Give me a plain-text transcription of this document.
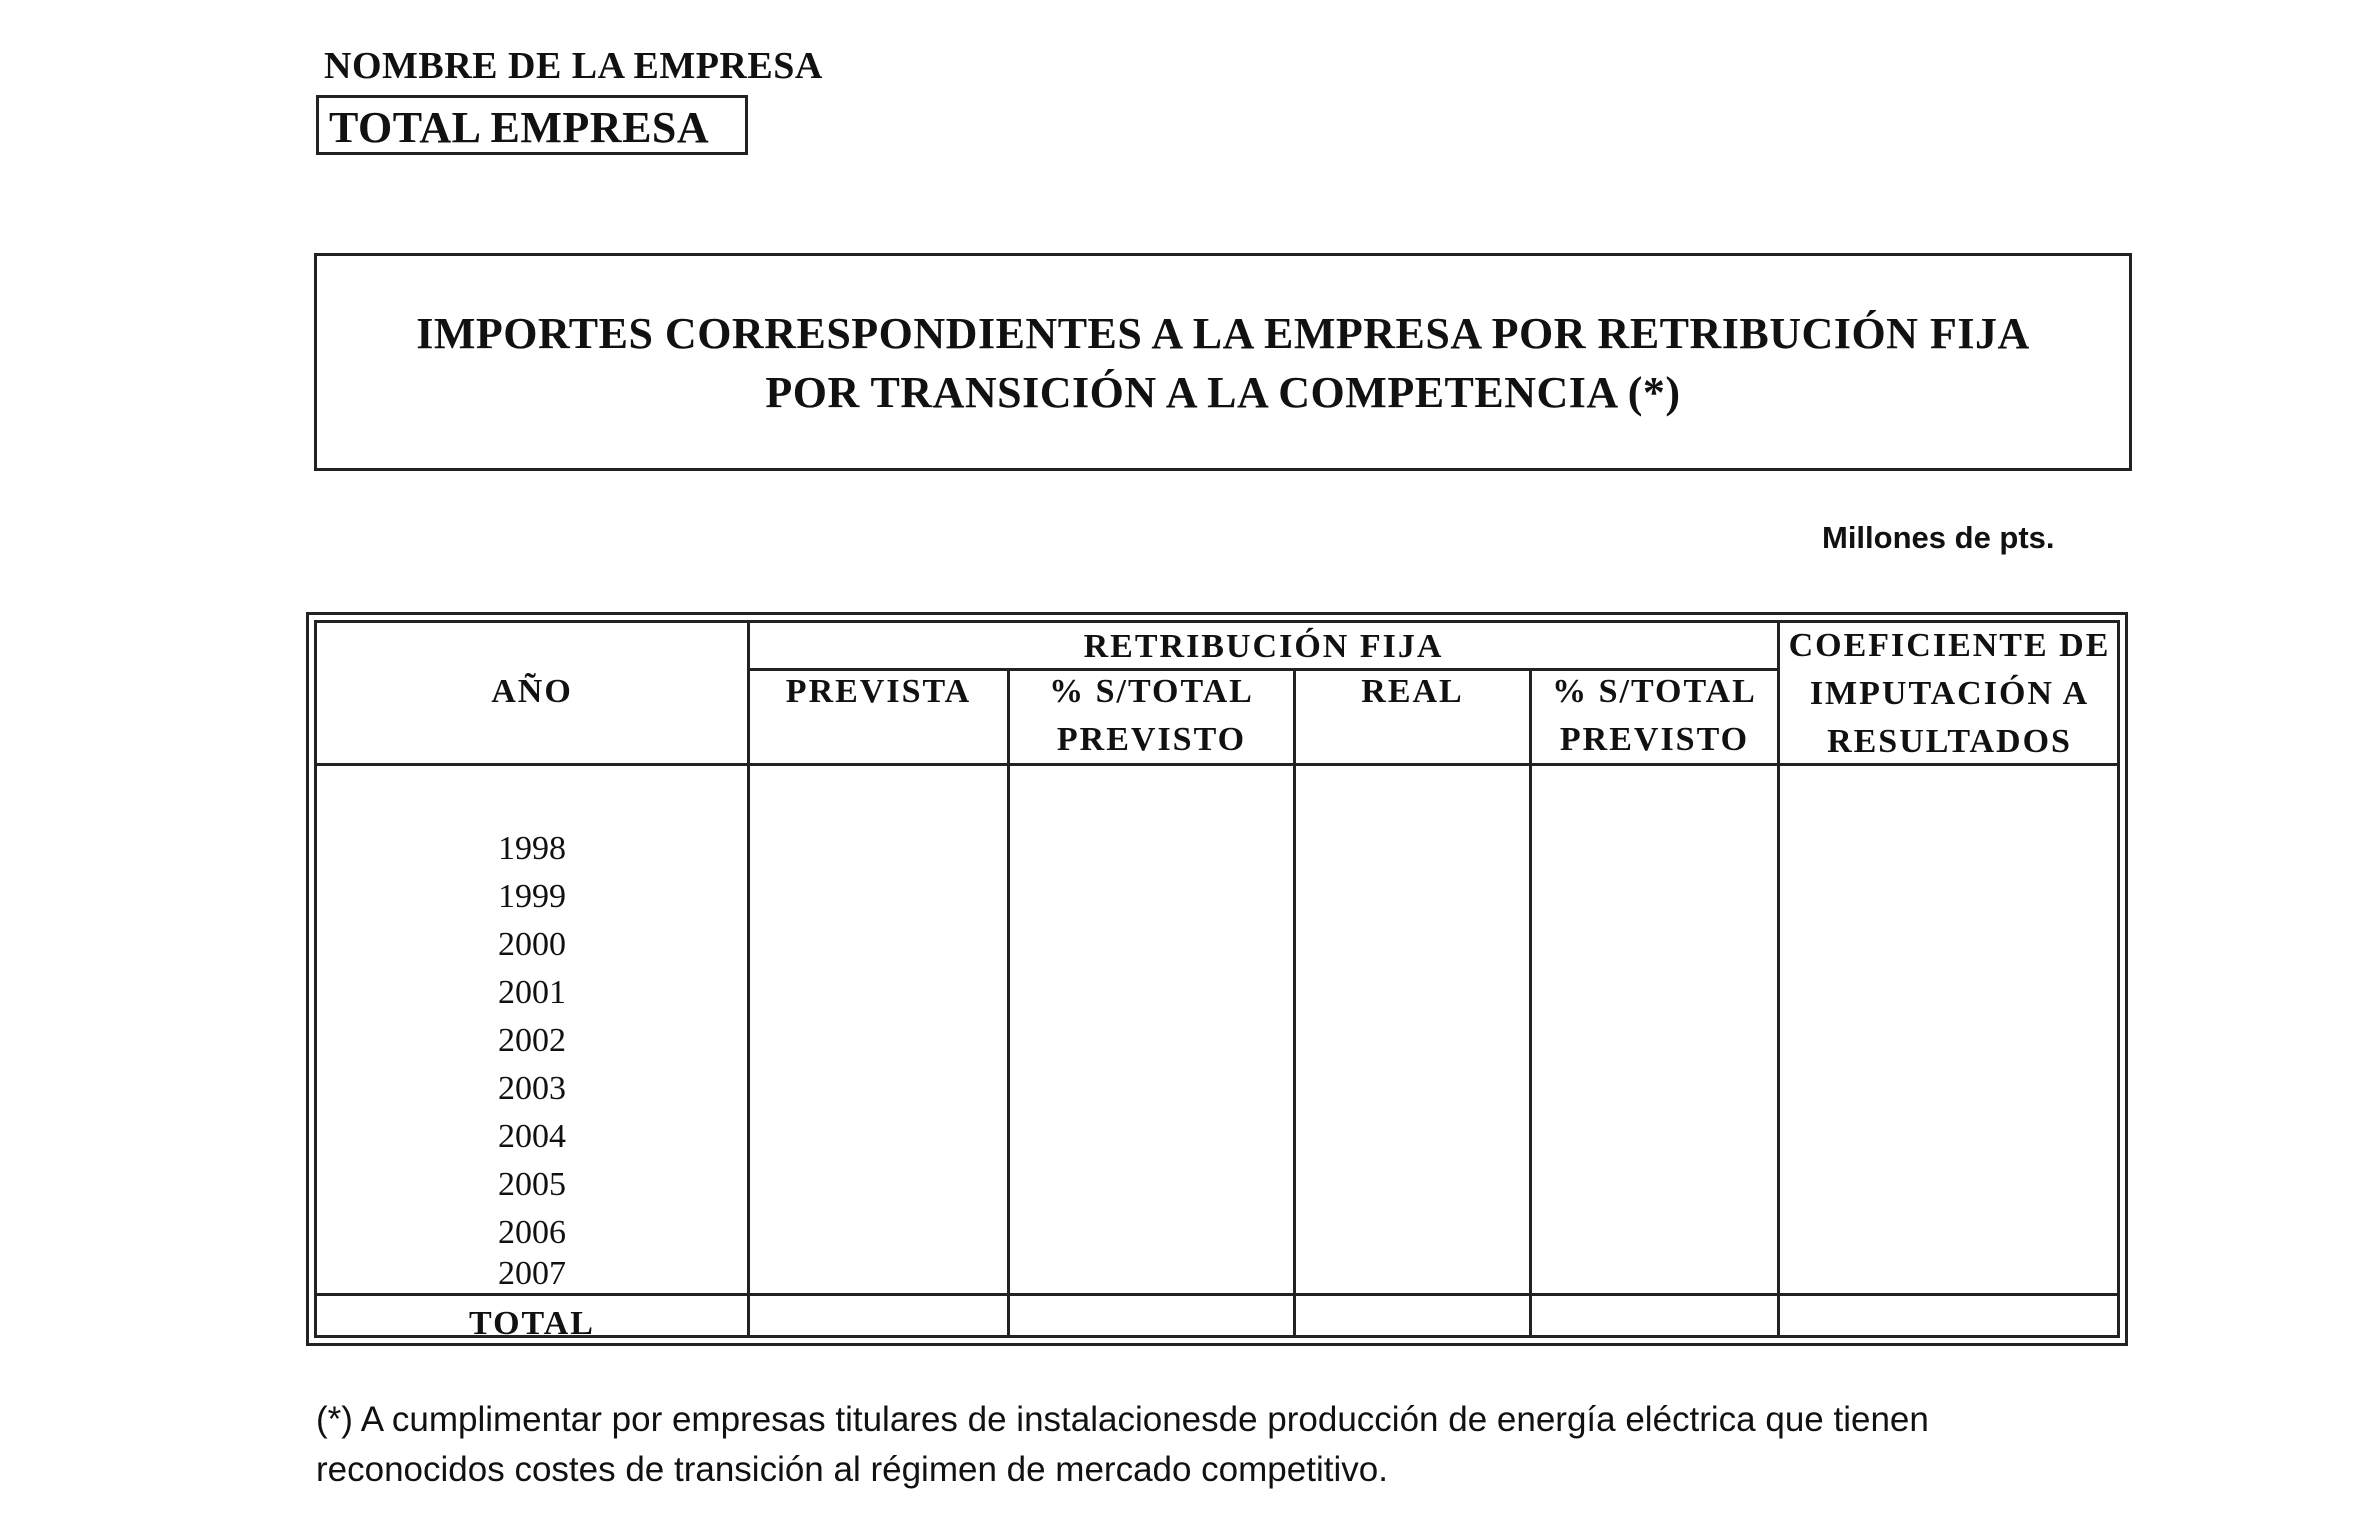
NOMBRE DE LA EMPRESA
TOTAL EMPRESA
IMPORTES CORRESPONDIENTES A LA EMPRESA POR RETRIBUCIÓN FIJA
POR TRANSICIÓN A LA COMPETENCIA (*)
Millones de pts.
AÑO
RETRIBUCIÓN FIJA
PREVISTA	% S/TOTAL
PREVISTO
REAL	% S/TOTAL
PREVISTO
COEFICIENTE DE
IMPUTACIÓN A
RESULTADOS
1998
1999
2000
2001
2002
2003
2004
2005
2006
2007
TOTAL
(*) A cumplimentar por empresas titulares de instalacionesde producción de energía eléctrica que tienen
reconocidos costes de transición al régimen de mercado competitivo.
